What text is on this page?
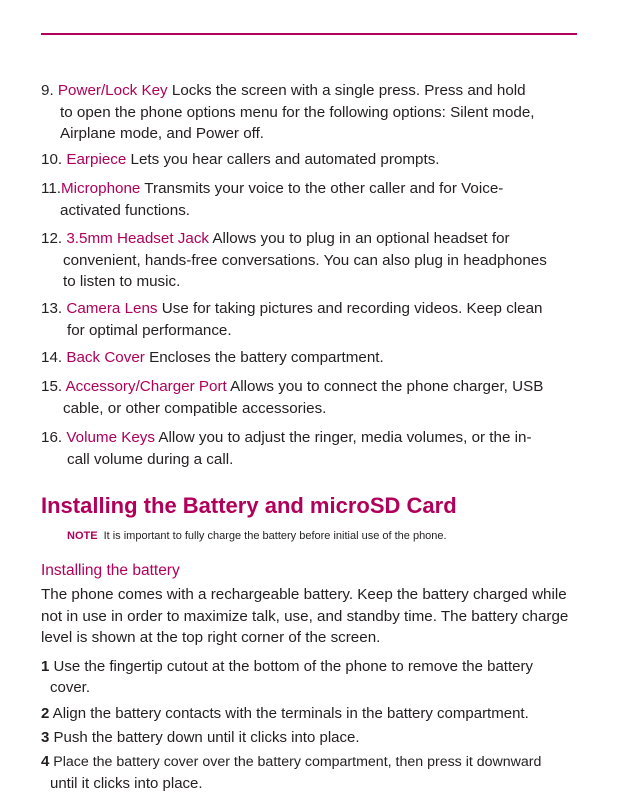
9. Power/Lock Key Locks the screen with a single press. Press and hold
to open the phone options menu for the following options: Silent mode,
Airplane mode, and Power off.
10. Earpiece Lets you hear callers and automated prompts.
11.Microphone Transmits your voice to the other caller and for Voice-
activated functions.
12. 3.5mm Headset Jack Allows you to plug in an optional headset for
convenient, hands-free conversations. You can also plug in headphones
to listen to music.
13. Camera Lens Use for taking pictures and recording videos. Keep clean
for optimal performance.
14. Back Cover Encloses the battery compartment.
15. Accessory/Charger Port Allows you to connect the phone charger, USB
cable, or other compatible accessories.
16. Volume Keys Allow you to adjust the ringer, media volumes, or the in-
call volume during a call.
Installing the Battery and microSD Card
NOTE It is important to fully charge the battery before initial use of the phone.
Installing the battery
The phone comes with a rechargeable battery. Keep the battery charged while not in use in order to maximize talk, use, and standby time. The battery charge level is shown at the top right corner of the screen.
1 Use the fingertip cutout at the bottom of the phone to remove the battery
cover.
2 Align the battery contacts with the terminals in the battery compartment.
3 Push the battery down until it clicks into place.
4 Place the battery cover over the battery compartment, then press it downward
until it clicks into place.
